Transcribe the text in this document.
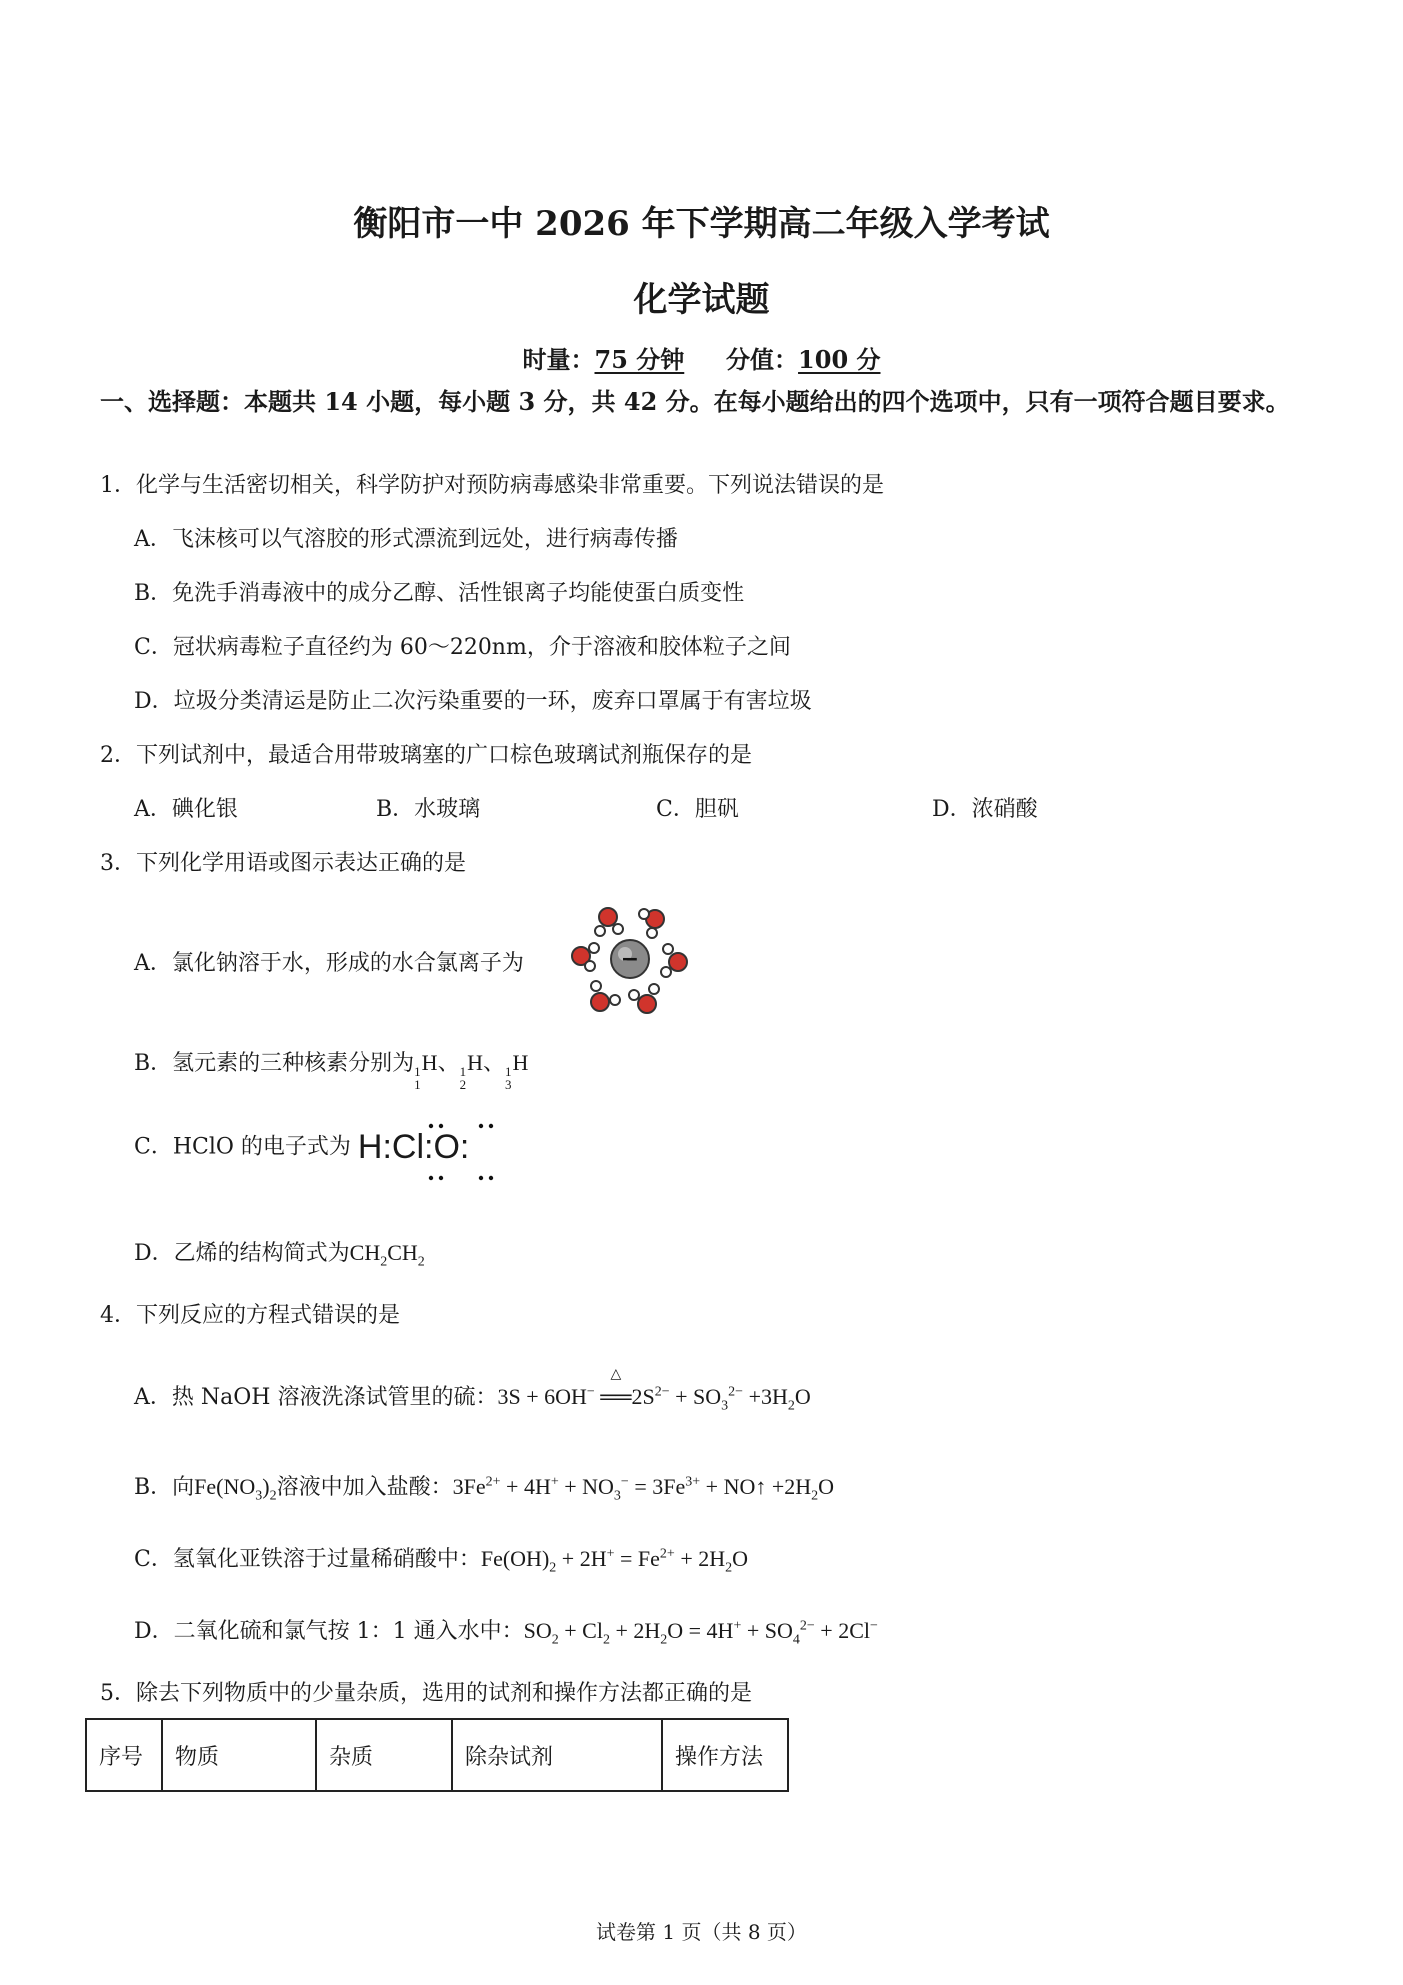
衡阳市一中 2026 年下学期高二年级入学考试
化学试题
时量：75 分钟 分值：100 分
一、选择题：本题共 14 小题，每小题 3 分，共 42 分。在每小题给出的四个选项中，只有一项符合题目要求。
1．化学与生活密切相关，科学防护对预防病毒感染非常重要。下列说法错误的是
A．飞沫核可以气溶胶的形式漂流到远处，进行病毒传播
B．免洗手消毒液中的成分乙醇、活性银离子均能使蛋白质变性
C．冠状病毒粒子直径约为 60～220nm，介于溶液和胶体粒子之间
D．垃圾分类清运是防止二次污染重要的一环，废弃口罩属于有害垃圾
2．下列试剂中，最适合用带玻璃塞的广口棕色玻璃试剂瓶保存的是
A．碘化银	B．水玻璃	C．胆矾	D．浓硝酸
3．下列化学用语或图示表达正确的是
A．氯化钠溶于水，形成的水合氯离子为	−
B．氢元素的三种核素分别为 1
1
H、 1
2
H、 1
3
H
C．HClO 的电子式为 H:Cl:O:
D．乙烯的结构简式为$CH_2CH_2$
4．下列反应的方程式错误的是
A．热 NaOH 溶液洗涤试管里的硫：3S + 6OH− ══
△
$2S^{2-} + SO_3^{2-} +3H_2O$
B．向$Fe(NO_3)_2$溶液中加入盐酸：$3Fe^{2+} + 4H^+ + NO_3^- = 3Fe^{3+}$ + NO↑ $+2H_2O$
C．氢氧化亚铁溶于过量稀硝酸中：$Fe(OH)_2 + 2H^+ = Fe^{2+} + 2H_2O$
D．二氧化硫和氯气按 1：1 通入水中：$SO_2 + Cl_2 + 2H_2O = 4H^+ + SO_4^{2-} + 2Cl^-$
5．除去下列物质中的少量杂质，选用的试剂和操作方法都正确的是
序号	物质	杂质	除杂试剂	操作方法
试卷第 1 页（共 8 页）
